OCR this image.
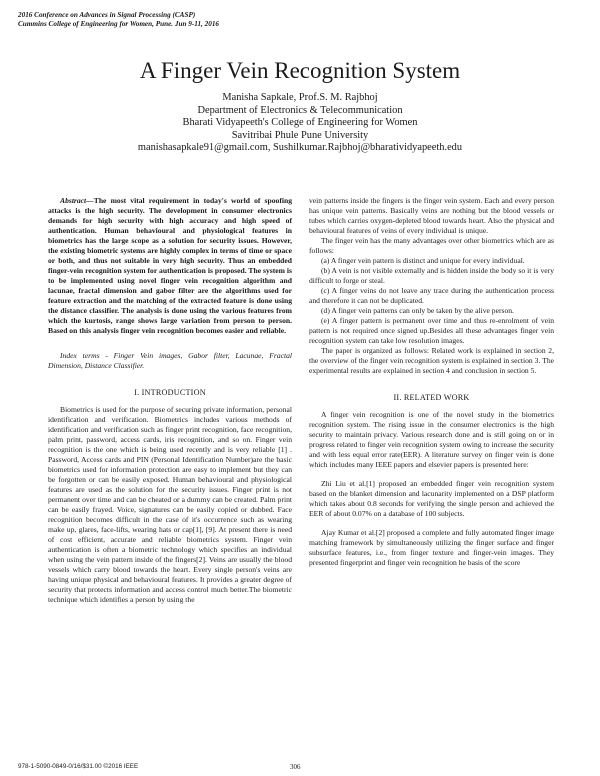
2016 Conference on Advances in Signal Processing (CASP)
Cummins College of Engineering for Women, Pune. Jun 9-11, 2016
A Finger Vein Recognition System
Manisha Sapkale, Prof.S. M. Rajbhoj
Department of Electronics & Telecommunication
Bharati Vidyapeeth's College of Engineering for Women
Savitribai Phule Pune University
manishasapkale91@gmail.com, Sushilkumar.Rajbhoj@bharatividyapeeth.edu

Abstract—The most vital requirement in today's world of spoofing attacks is the high security. The development in consumer electronics demands for high security with high accuracy and high speed of authentication. Human behavioural and physiological features in biometrics has the large scope as a solution for security issues. However, the existing biometric systems are highly complex in terms of time or space or both, and thus not suitable in very high security. Thus an embedded finger-vein recognition system for authentication is proposed. The system is to be implemented using novel finger vein recognition algorithm and lacunae, fractal dimension and gabor filter are the algorithms used for feature extraction and the matching of the extracted feature is done using the distance classifier. The analysis is done using the various features from which the kurtosis, range shows large variation from person to person. Based on this analysis finger vein recognition becomes easier and reliable.

Index terms - Finger Vein images, Gabor filter, Lacunae, Fractal Dimension, Distance Classifier.

I. INTRODUCTION

Biometrics is used for the purpose of securing private information, personal identification and verification. Biometrics includes various methods of identification and verification such as finger print recognition, face recognition, palm print, password, access cards, iris recognition, and so on. Finger vein recognition is the one which is being used recently and is very reliable [1] . Password, Access cards and PIN (Personal Identification Number)are the basic biometrics used for information protection are easy to implement but they can be forgotten or can be easily exposed. Human behavioural and physiological features are used as the solution for the security issues. Finger print is not permanent over time and can be cheated or a dummy can be created. Palm print can be easily frayed. Voice, signatures can be easily copied or dubbed. Face recognition becomes difficult in the case of it's occurrence such as wearing make up, glares, face-lifts, wearing hats or cap[1], [9]. At present there is need of cost efficient, accurate and reliable biometrics system. Finger vein authentication is often a biometric technology which specifies an individual when using the vein pattern inside of the fingers[2]. Veins are usually the blood vessels which carry blood towards the heart. Every single person's veins are having unique physical and behavioural features. It provides a greater degree of security that protects information and access control much better.The biometric technique which identifies a person by using the

vein patterns inside the fingers is the finger vein system. Each and every person has unique vein patterns. Basically veins are nothing but the blood vessels or tubes which carries oxygen-depleted blood towards heart. Also the physical and behavioural features of veins of every individual is unique.

The finger vein has the many advantages over other biometrics which are as follows:

(a) A finger vein pattern is distinct and unique for every individual.

(b) A vein is not visible externally and is hidden inside the body so it is very difficult to forge or steal.

(c) A finger veins do not leave any trace during the authentication process and therefore it can not be duplicated.

(d) A finger vein patterns can only be taken by the alive person.

(e) A finger pattern is permanent over time and thus re-enrolment of vein pattern is not required once signed up.Besides all these advantages finger vein recognition system can take low resolution images.

The paper is organized as follows: Related work is explained in section 2, the overview of the finger vein recognition system is explained in section 3. The experimental results are explained in section 4 and conclusion in section 5.

II. RELATED WORK

A finger vein recognition is one of the novel study in the biometrics recognition system. The rising issue in the consumer electronics is the high security to maintain privacy. Various research done and is still going on or in progress related to finger vein recognition system owing to increase the security and with less equal error rate(EER). A literature survey on finger vein is done which includes many IEEE papers and elsevier papers is presented here:

Zhi Liu et al.[1] proposed an embedded finger vein recognition system based on the blanket dimension and lacunarity implemented on a DSP platform which takes about 0.8 seconds for verifying the single person and achieved the EER of about 0.07% on a database of 100 subjects.

Ajay Kumar et al.[2] proposed a complete and fully automated finger image matching framework by simultaneously utilizing the finger surface and finger subsurface features, i.e., from finger texture and finger-vein images. They presented fingerprint and finger vein recognition he basis of the score

978-1-5090-0849-0/16/$31.00 ©2016 IEEE	306
